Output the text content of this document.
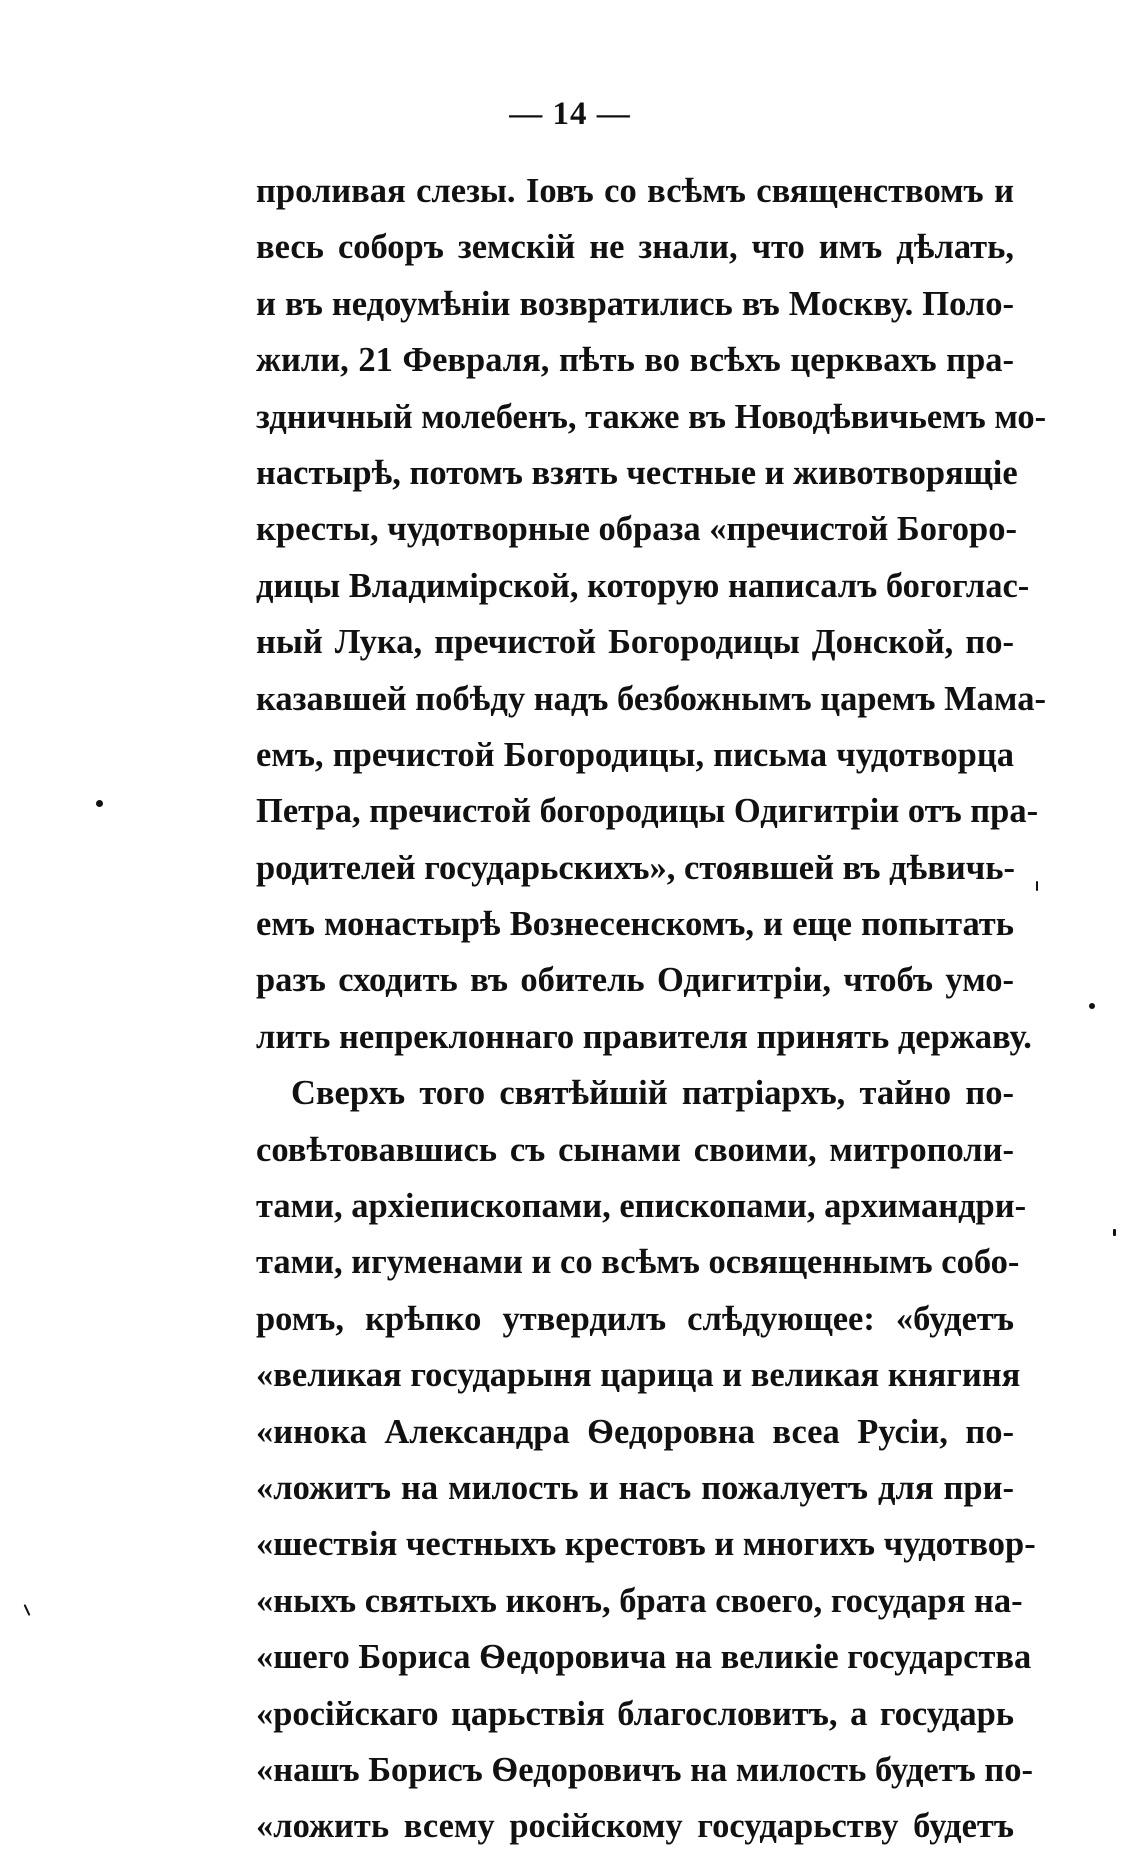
— 14 —
проливая слезы. Іовъ со всѣмъ священствомъ и
весь соборъ земскій не знали, что имъ дѣлать,
и въ недоумѣніи возвратились въ Москву. Поло-
жили, 21 Февраля, пѣть во всѣхъ церквахъ пра-
здничный молебенъ, также въ Новодѣвичьемъ мо-
настырѣ, потомъ взять честные и животворящіе
кресты, чудотворные образа «пречистой Богоро-
дицы Владимірской, которую написалъ богоглас-
ный Лука, пречистой Богородицы Донской, по-
казавшей побѣду надъ безбожнымъ царемъ Мама-
емъ, пречистой Богородицы, письма чудотворца
Петра, пречистой богородицы Одигитріи отъ пра-
родителей государьскихъ», стоявшей въ дѣвичь-
емъ монастырѣ Вознесенскомъ, и еще попытать
разъ сходить въ обитель Одигитріи, чтобъ умо-
лить непреклоннаго правителя принять державу.
Сверхъ того святѣйшій патріархъ, тайно по-
совѣтовавшись съ сынами своими, митрополи-
тами, архіепископами, епископами, архимандри-
тами, игуменами и со всѣмъ освященнымъ собо-
ромъ, крѣпко утвердилъ слѣдующее: «будетъ
«великая государыня царица и великая княгиня
«инока Александра Ѳедоровна всеа Русіи, по-
«ложитъ на милость и насъ пожалуетъ для при-
«шествія честныхъ крестовъ и многихъ чудотвор-
«ныхъ святыхъ иконъ, брата своего, государя на-
«шего Бориса Ѳедоровича на великіе государства
«російскаго царьствія благословитъ, а государь
«нашъ Борисъ Ѳедоровичъ на милость будетъ по-
«ложить всему російскому государьству будетъ
